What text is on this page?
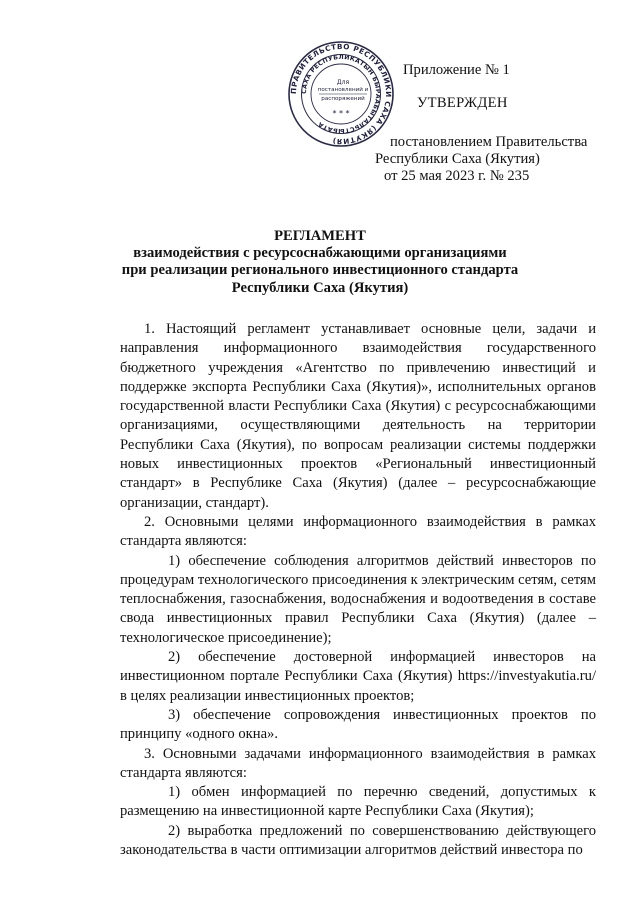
ПРАВИТЕЛЬСТВО РЕСПУБЛИКИ САХА (ЯКУТИЯ)
САХА РЕСПУБЛИКАТЫН БЫРААБЫТАЛЬСТЫБАТА
Для
постановлений и
распоряжений
* * *
Приложение № 1
УТВЕРЖДЕН
постановлением Правительства
Республики Саха (Якутия)
от 25 мая 2023 г. № 235
РЕГЛАМЕНТ
взаимодействия с ресурсоснабжающими организациями
при реализации регионального инвестиционного стандарта
Республики Саха (Якутия)

1. Настоящий регламент устанавливает основные цели, задачи и направления информационного взаимодействия государственного бюджетного учреждения «Агентство по привлечению инвестиций и поддержке экспорта Республики Саха (Якутия)», исполнительных органов государственной власти Республики Саха (Якутия) с ресурсоснабжающими организациями, осуществляющими деятельность на территории Республики Саха (Якутия), по вопросам реализации системы поддержки новых инвестиционных проектов «Региональный инвестиционный стандарт» в Республике Саха (Якутия) (далее – ресурсоснабжающие организации, стандарт).

2. Основными целями информационного взаимодействия в рамках стандарта являются:

1) обеспечение соблюдения алгоритмов действий инвесторов по процедурам технологического присоединения к электрическим сетям, сетям теплоснабжения, газоснабжения, водоснабжения и водоотведения в составе свода инвестиционных правил Республики Саха (Якутия) (далее – технологическое присоединение);

2) обеспечение достоверной информацией инвесторов на инвестиционном портале Республики Саха (Якутия) https://investyakutia.ru/ в целях реализации инвестиционных проектов;

3) обеспечение сопровождения инвестиционных проектов по принципу «одного окна».

3. Основными задачами информационного взаимодействия в рамках стандарта являются:

1) обмен информацией по перечню сведений, допустимых к размещению на инвестиционной карте Республики Саха (Якутия);

2) выработка предложений по совершенствованию действующего законодательства в части оптимизации алгоритмов действий инвестора по
